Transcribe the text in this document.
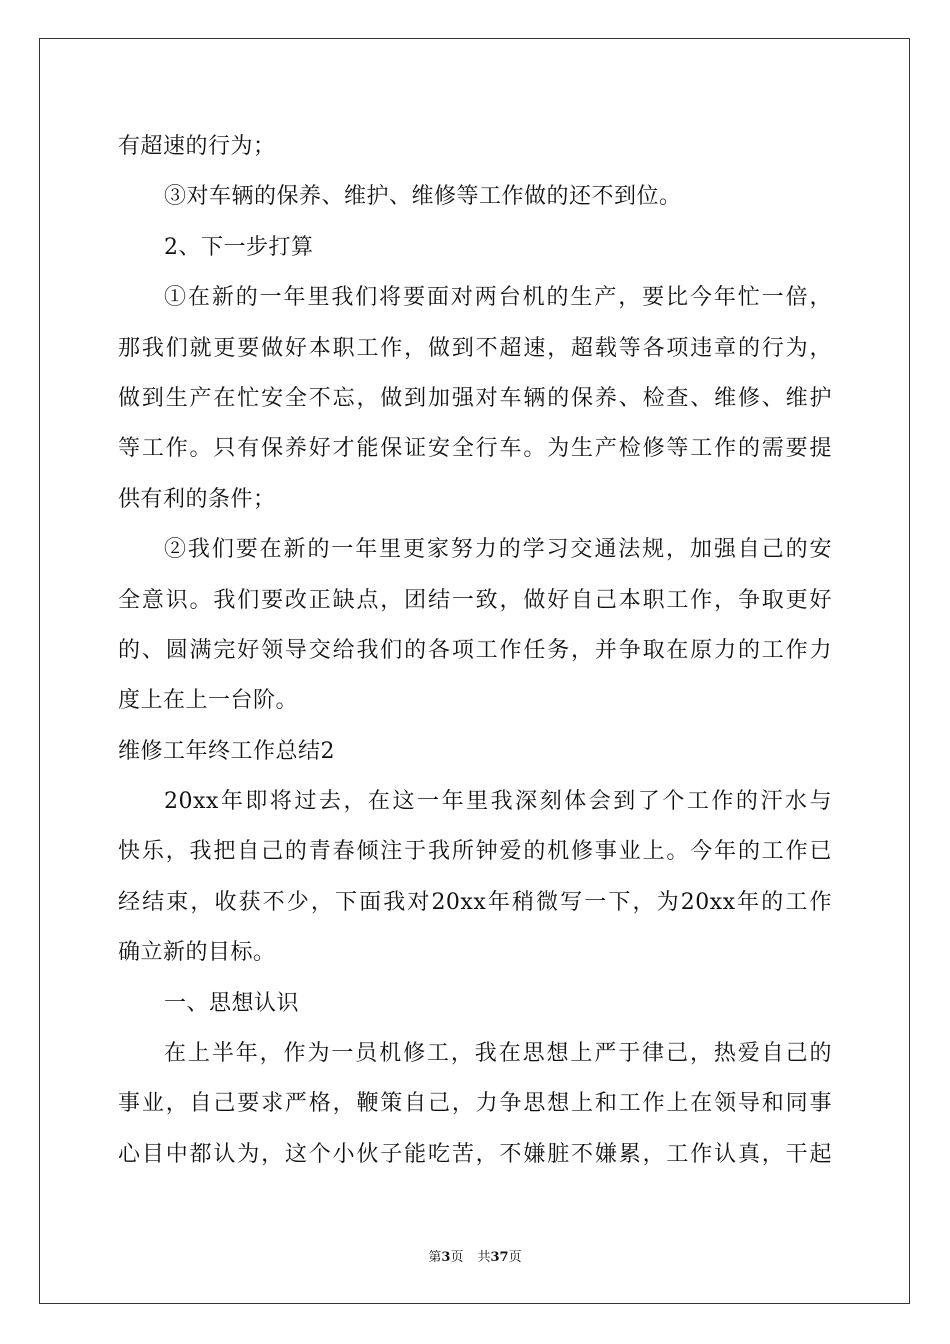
有超速的行为；
③对车辆的保养、维护、维修等工作做的还不到位。
2、下一步打算
①在新的一年里我们将要面对两台机的生产，要比今年忙一倍，
那我们就更要做好本职工作，做到不超速，超载等各项违章的行为，
做到生产在忙安全不忘，做到加强对车辆的保养、检查、维修、维护
等工作。只有保养好才能保证安全行车。为生产检修等工作的需要提
供有利的条件；
②我们要在新的一年里更家努力的学习交通法规，加强自己的安
全意识。我们要改正缺点，团结一致，做好自己本职工作，争取更好
的、圆满完好领导交给我们的各项工作任务，并争取在原力的工作力
度上在上一台阶。
维修工年终工作总结2
20xx年即将过去，在这一年里我深刻体会到了个工作的汗水与
快乐，我把自己的青春倾注于我所钟爱的机修事业上。今年的工作已
经结束，收获不少，下面我对20xx年稍微写一下，为20xx年的工作
确立新的目标。
一、思想认识
在上半年，作为一员机修工，我在思想上严于律己，热爱自己的
事业，自己要求严格，鞭策自己，力争思想上和工作上在领导和同事
心目中都认为，这个小伙子能吃苦，不嫌脏不嫌累，工作认真，干起
第3页 共37页
